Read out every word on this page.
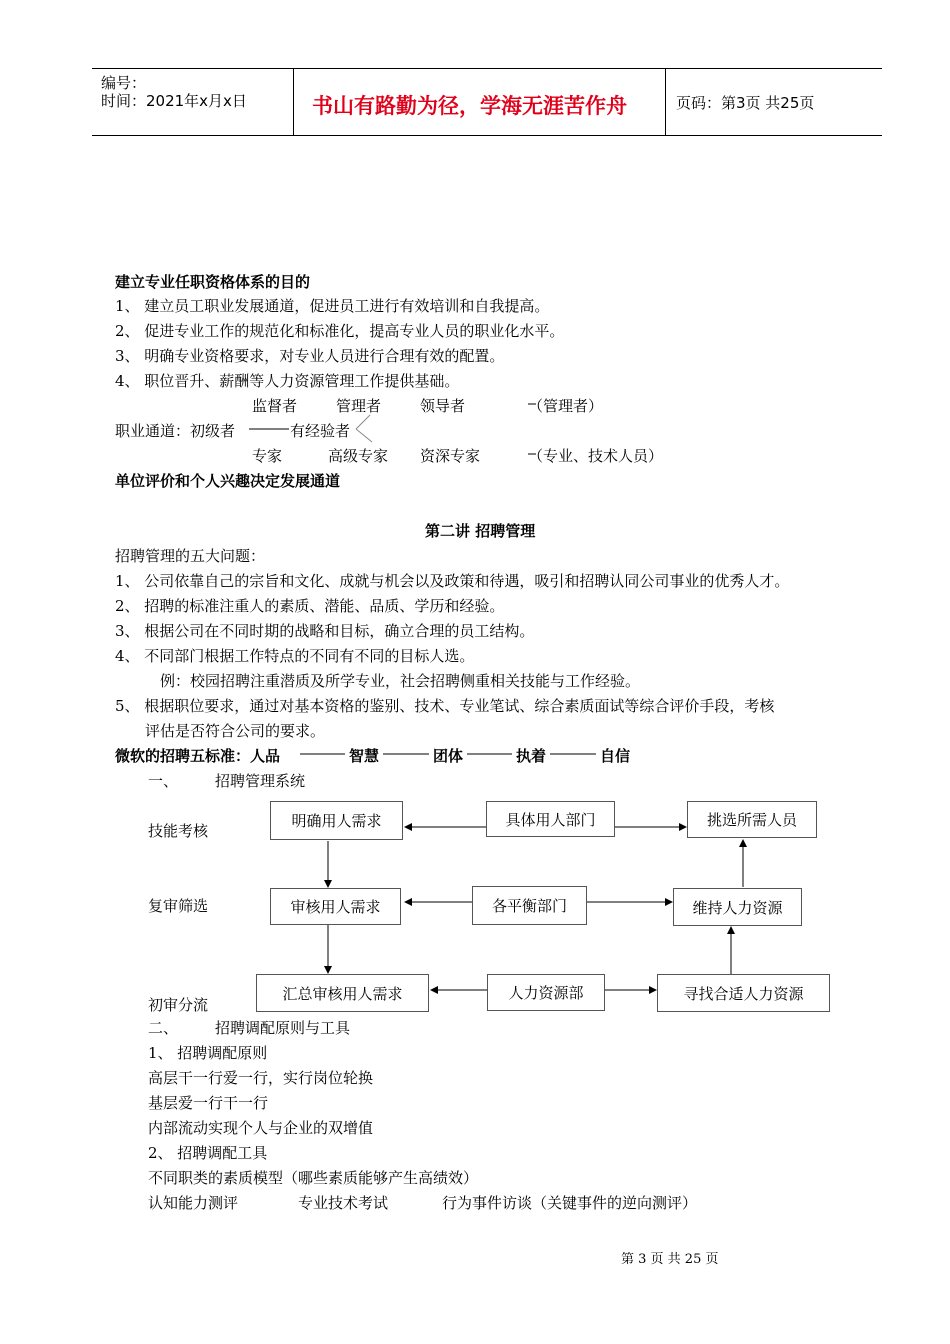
编号：
时间：2021年x月x日	书山有路勤为径，学海无涯苦作舟	页码：第3页 共25页
建立专业任职资格体系的目的
1、 建立员工职业发展通道，促进员工进行有效培训和自我提高。
2、 促进专业工作的规范化和标准化，提高专业人员的职业化水平。
3、 明确专业资格要求，对专业人员进行合理有效的配置。
4、 职位晋升、薪酬等人力资源管理工作提供基础。
监督者	管理者	领导者	（管理者）
职业通道：初级者	有经验者
专家	高级专家 资深专家	（专业、技术人员）
单位评价和个人兴趣决定发展通道
第二讲 招聘管理
招聘管理的五大问题：
1、 公司依靠自己的宗旨和文化、成就与机会以及政策和待遇，吸引和招聘认同公司事业的优秀人才。
2、 招聘的标准注重人的素质、潜能、品质、学历和经验。
3、 根据公司在不同时期的战略和目标，确立合理的员工结构。
4、 不同部门根据工作特点的不同有不同的目标人选。
例：校园招聘注重潜质及所学专业，社会招聘侧重相关技能与工作经验。
5、 根据职位要求，通过对基本资格的鉴别、技术、专业笔试、综合素质面试等综合评价手段，考核
评估是否符合公司的要求。
微软的招聘五标准：人品	智慧	团体	执着	自信
一、 招聘管理系统
技能考核
复审筛选
初审分流
明确用人需求	具体用人部门	挑选所需人员
审核用人需求	各平衡部门	维持人力资源
汇总审核用人需求	人力资源部	寻找合适人力资源
二、 招聘调配原则与工具
1、 招聘调配原则
高层干一行爱一行，实行岗位轮换
基层爱一行干一行
内部流动实现个人与企业的双增值
2、 招聘调配工具
不同职类的素质模型（哪些素质能够产生高绩效）
认知能力测评	专业技术考试	行为事件访谈（关键事件的逆向测评）
第 3 页 共 25 页
